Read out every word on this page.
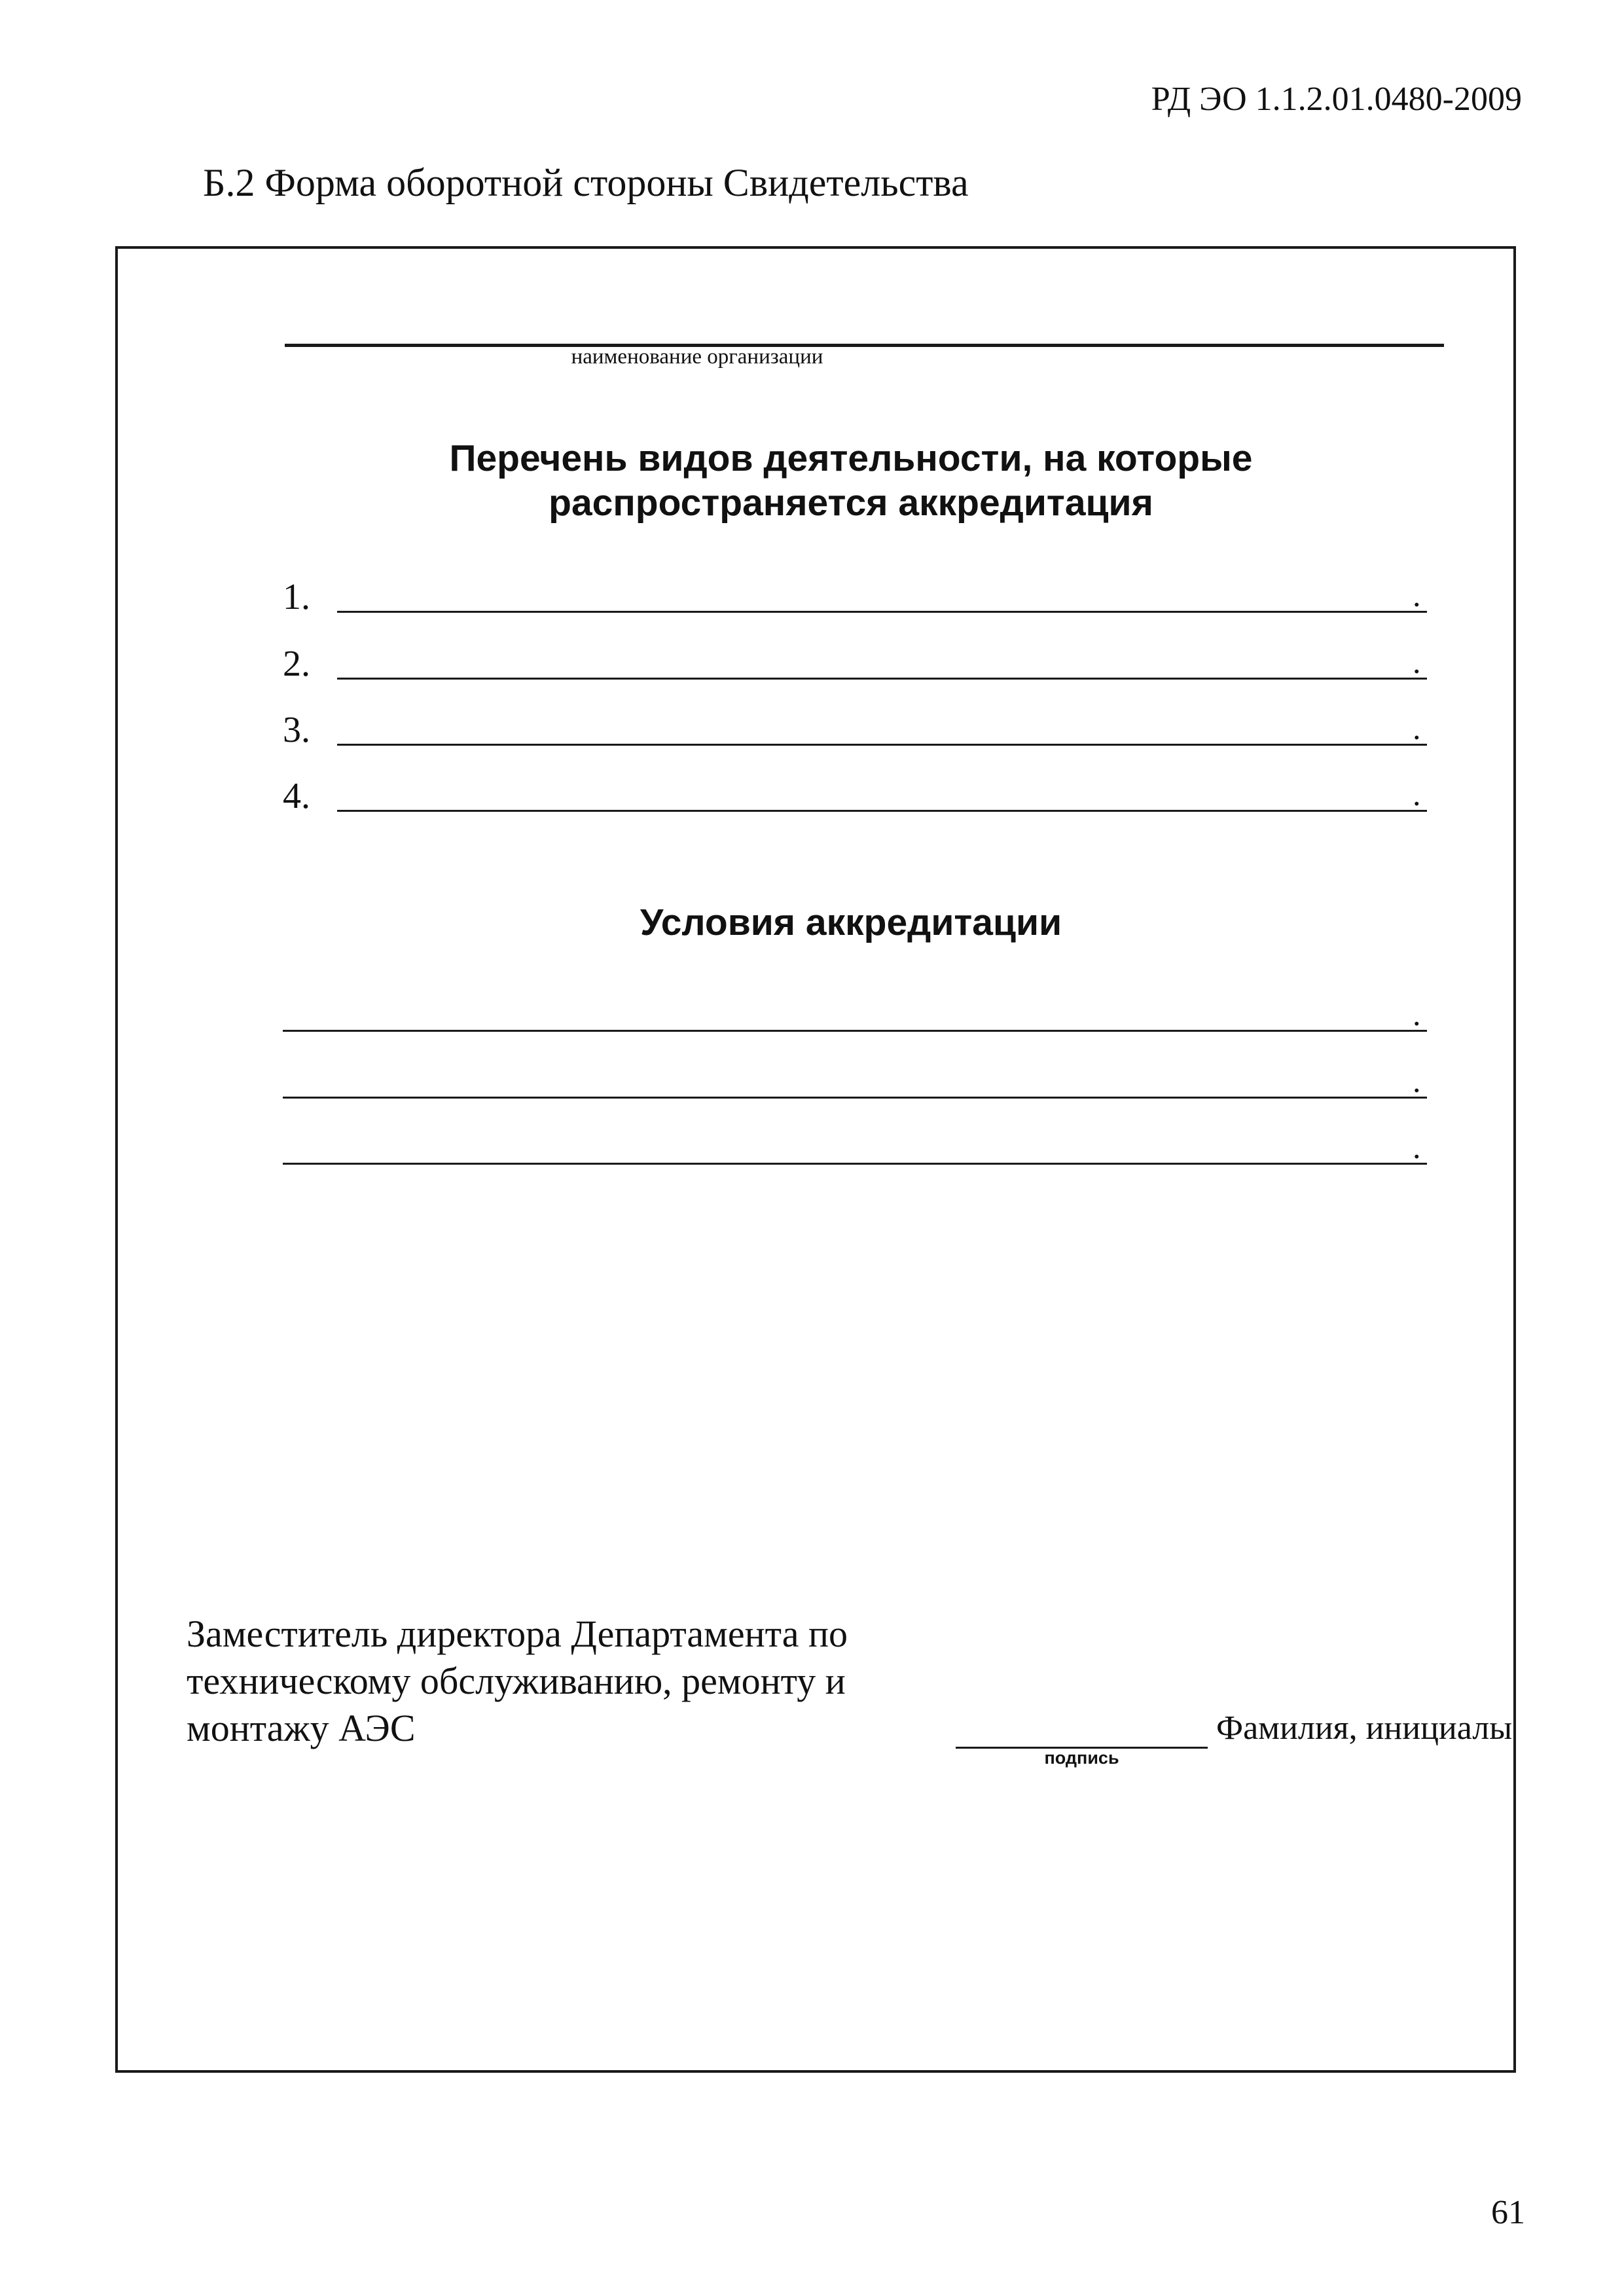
РД ЭО 1.1.2.01.0480-2009
Б.2 Форма оборотной стороны Свидетельства
наименование организации
Перечень видов деятельности, на которые
распространяется аккредитация
1.	.
2.	.
3.	.
4.	.
Условия аккредитации
.
.
.
Заместитель директора Департамента по
техническому обслуживанию, ремонту и
монтажу АЭС
подпись
Фамилия, инициалы
61
